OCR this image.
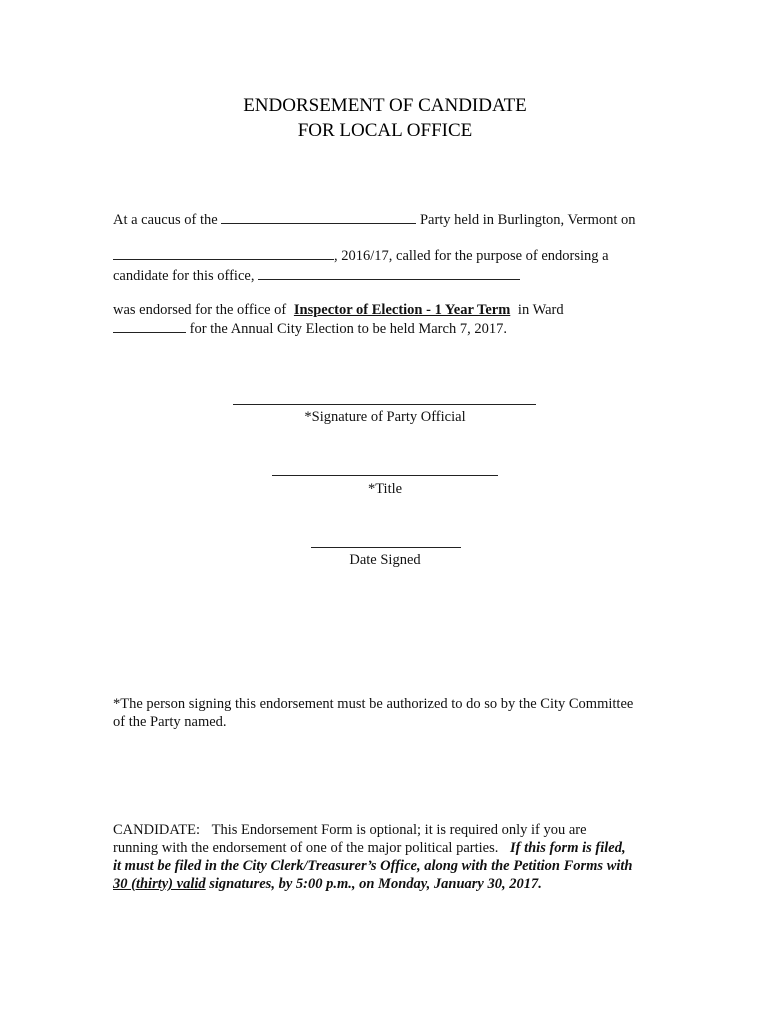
ENDORSEMENT OF CANDIDATE
FOR LOCAL OFFICE
At a caucus of the	Party held in Burlington, Vermont on
, 2016/17, called for the purpose of endorsing a
candidate for this office,
was endorsed for the office of Inspector of Election - 1 Year Term in Ward
for the Annual City Election to be held March 7, 2017.
*Signature of Party Official
*Title
Date Signed
*The person signing this endorsement must be authorized to do so by the City Committee
of the Party named.
CANDIDATE: This Endorsement Form is optional; it is required only if you are
running with the endorsement of one of the major political parties. If this form is filed,
it must be filed in the City Clerk/Treasurer’s Office, along with the Petition Forms with
30 (thirty) valid signatures, by 5:00 p.m., on Monday, January 30, 2017.
